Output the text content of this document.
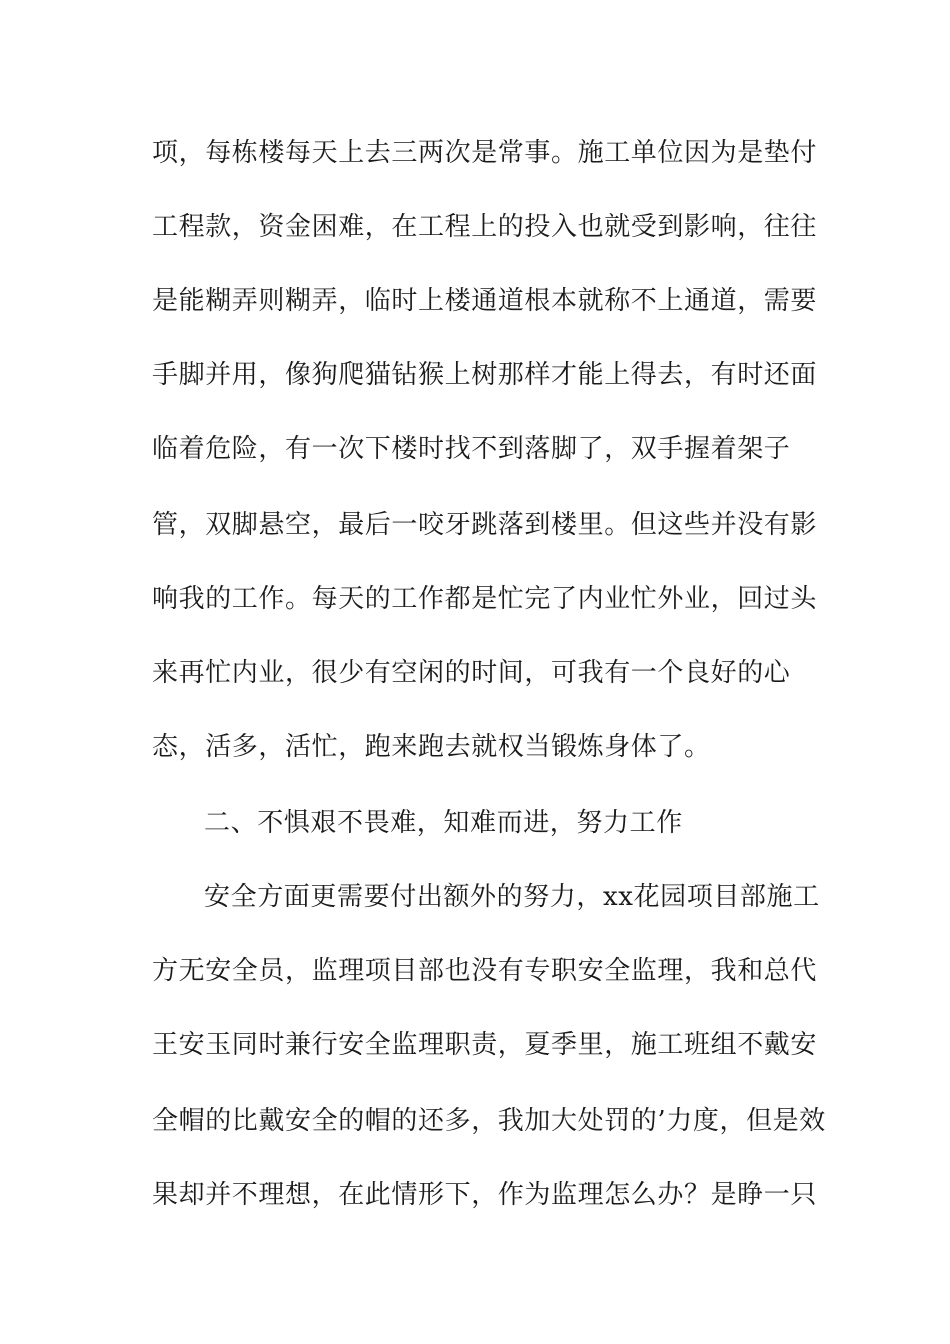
项，每栋楼每天上去三两次是常事。施工单位因为是垫付
工程款，资金困难，在工程上的投入也就受到影响，往往
是能糊弄则糊弄，临时上楼通道根本就称不上通道，需要
手脚并用，像狗爬猫钻猴上树那样才能上得去，有时还面
临着危险，有一次下楼时找不到落脚了，双手握着架子
管，双脚悬空，最后一咬牙跳落到楼里。但这些并没有影
响我的工作。每天的工作都是忙完了内业忙外业，回过头
来再忙内业，很少有空闲的时间，可我有一个良好的心
态，活多，活忙，跑来跑去就权当锻炼身体了。
二、不惧艰不畏难，知难而进，努力工作
安全方面更需要付出额外的努力，xx花园项目部施工
方无安全员，监理项目部也没有专职安全监理，我和总代
王安玉同时兼行安全监理职责，夏季里，施工班组不戴安
全帽的比戴安全的帽的还多，我加大处罚的’力度，但是效
果却并不理想，在此情形下，作为监理怎么办？是睁一只
